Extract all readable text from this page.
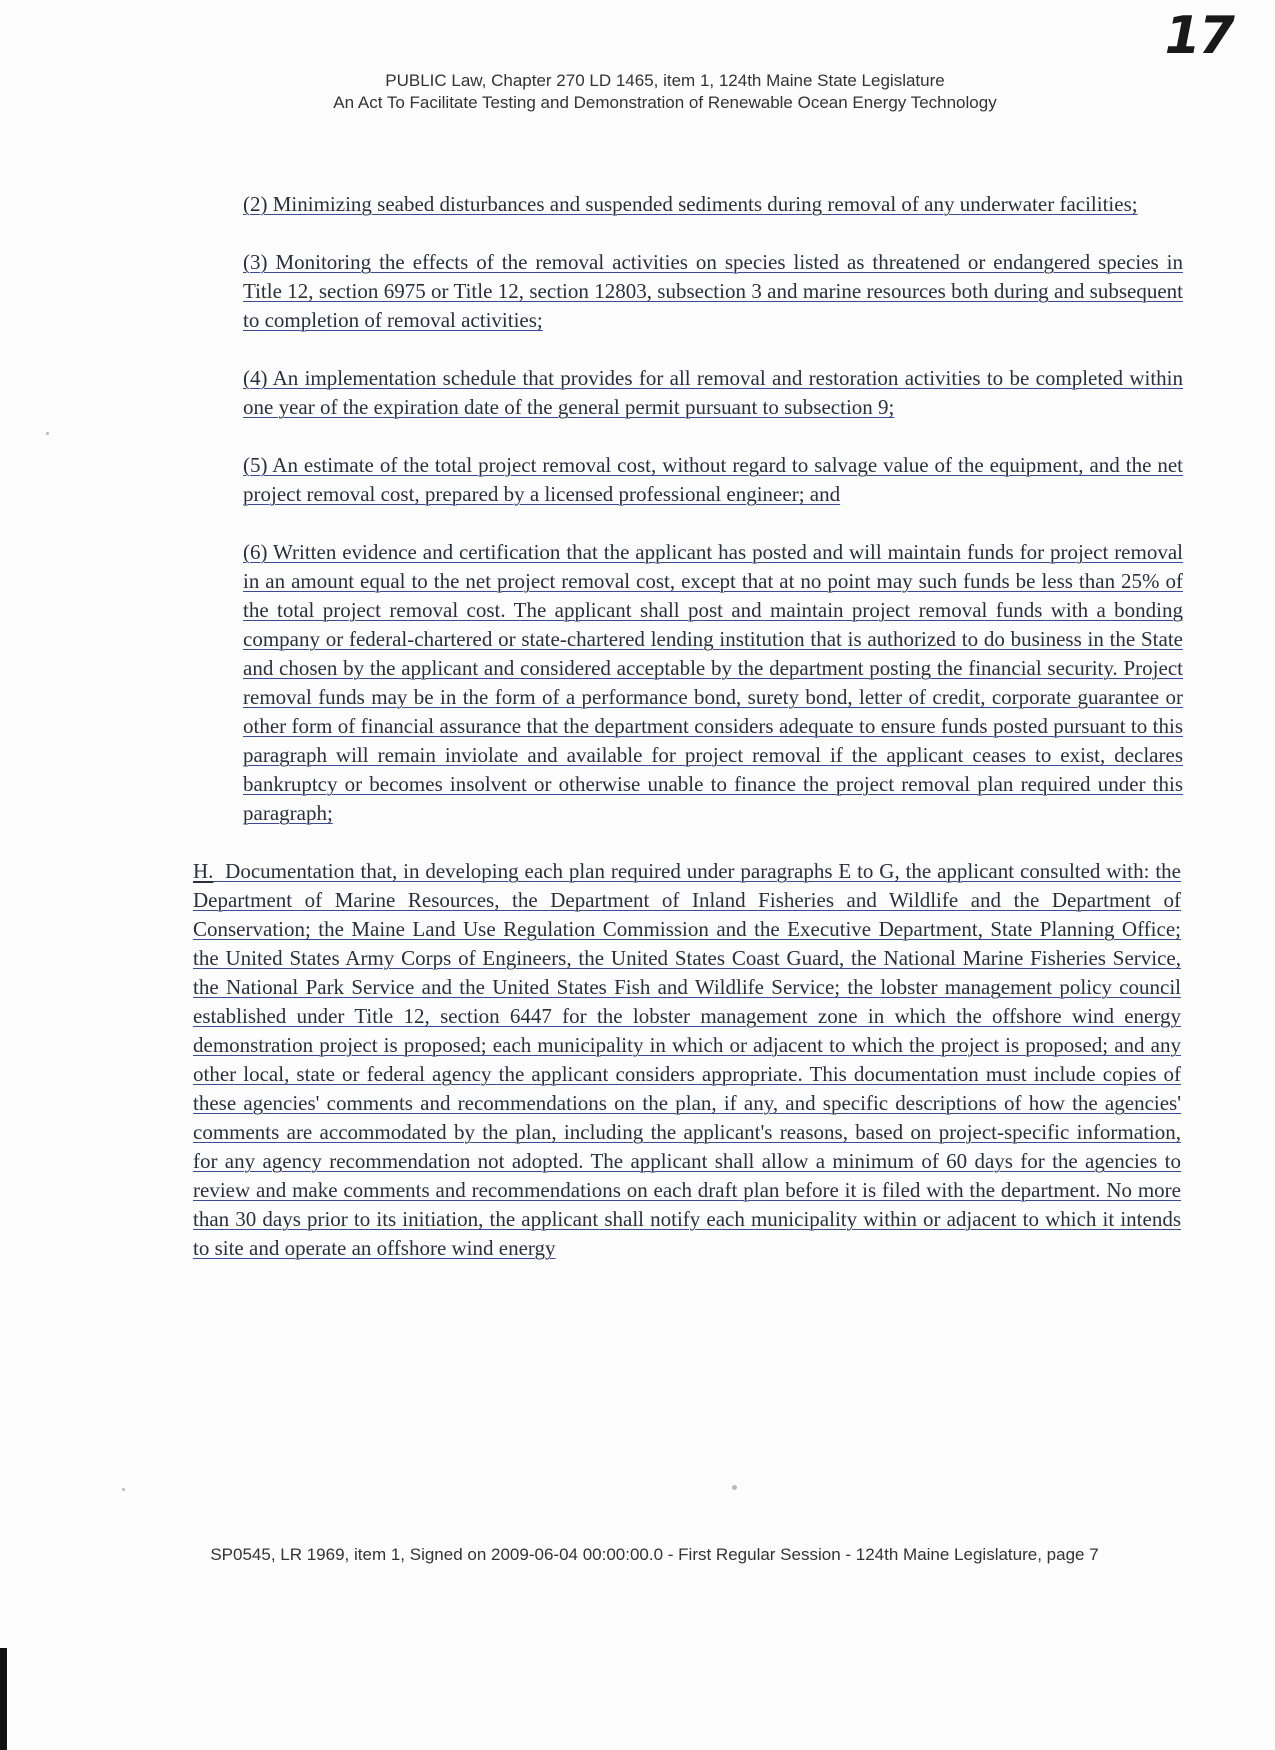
17
PUBLIC Law, Chapter 270 LD 1465, item 1, 124th Maine State Legislature
An Act To Facilitate Testing and Demonstration of Renewable Ocean Energy Technology

(2) Minimizing seabed disturbances and suspended sediments during removal of any underwater facilities;

(3) Monitoring the effects of the removal activities on species listed as threatened or endangered species in Title 12, section 6975 or Title 12, section 12803, subsection 3 and marine resources both during and subsequent to completion of removal activities;

(4) An implementation schedule that provides for all removal and restoration activities to be completed within one year of the expiration date of the general permit pursuant to subsection 9;

(5) An estimate of the total project removal cost, without regard to salvage value of the equipment, and the net project removal cost, prepared by a licensed professional engineer; and

(6) Written evidence and certification that the applicant has posted and will maintain funds for project removal in an amount equal to the net project removal cost, except that at no point may such funds be less than 25% of the total project removal cost. The applicant shall post and maintain project removal funds with a bonding company or federal-chartered or state-chartered lending institution that is authorized to do business in the State and chosen by the applicant and considered acceptable by the department posting the financial security. Project removal funds may be in the form of a performance bond, surety bond, letter of credit, corporate guarantee or other form of financial assurance that the department considers adequate to ensure funds posted pursuant to this paragraph will remain inviolate and available for project removal if the applicant ceases to exist, declares bankruptcy or becomes insolvent or otherwise unable to finance the project removal plan required under this paragraph;

H. Documentation that, in developing each plan required under paragraphs E to G, the applicant consulted with: the Department of Marine Resources, the Department of Inland Fisheries and Wildlife and the Department of Conservation; the Maine Land Use Regulation Commission and the Executive Department, State Planning Office; the United States Army Corps of Engineers, the United States Coast Guard, the National Marine Fisheries Service, the National Park Service and the United States Fish and Wildlife Service; the lobster management policy council established under Title 12, section 6447 for the lobster management zone in which the offshore wind energy demonstration project is proposed; each municipality in which or adjacent to which the project is proposed; and any other local, state or federal agency the applicant considers appropriate. This documentation must include copies of these agencies' comments and recommendations on the plan, if any, and specific descriptions of how the agencies' comments are accommodated by the plan, including the applicant's reasons, based on project-specific information, for any agency recommendation not adopted. The applicant shall allow a minimum of 60 days for the agencies to review and make comments and recommendations on each draft plan before it is filed with the department. No more than 30 days prior to its initiation, the applicant shall notify each municipality within or adjacent to which it intends to site and operate an offshore wind energy

SP0545, LR 1969, item 1, Signed on 2009-06-04 00:00:00.0 - First Regular Session - 124th Maine Legislature, page 7
